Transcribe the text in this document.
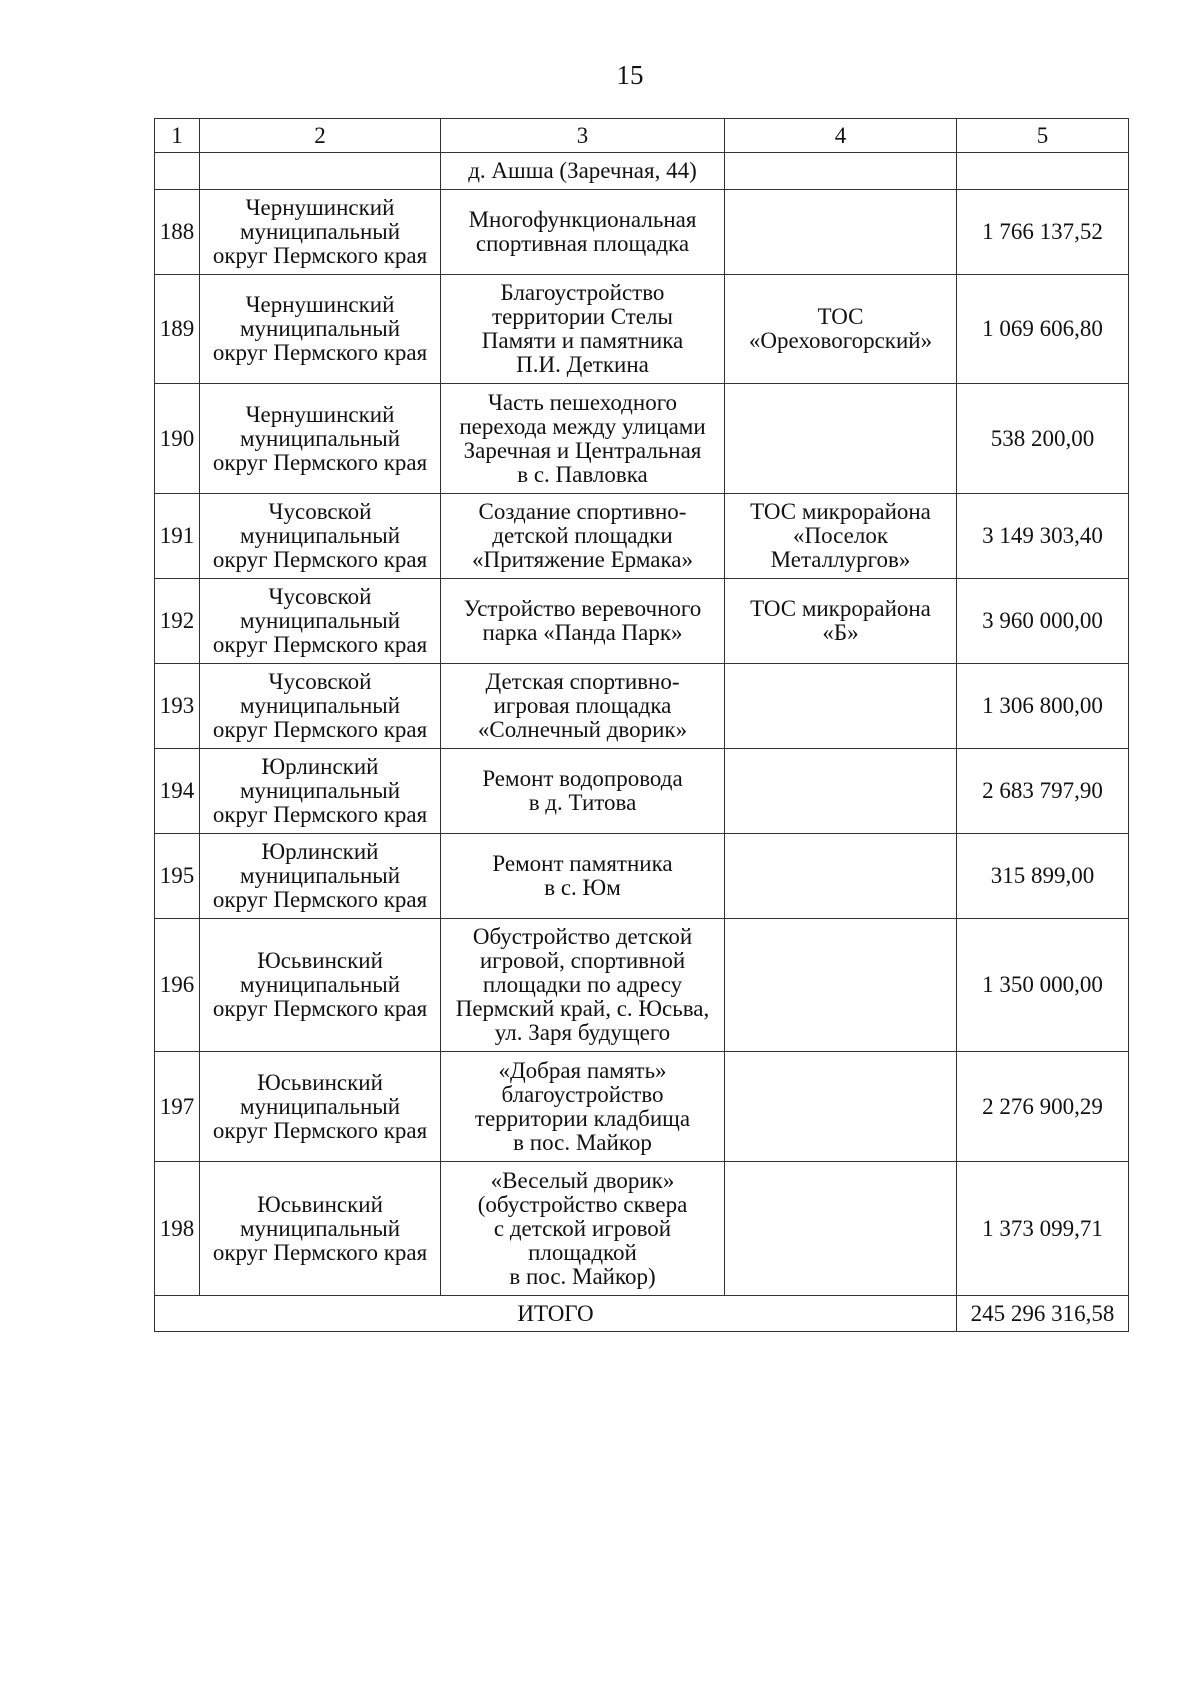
15
1	2	3	4	5
		д. Ашша (Заречная, 44)		
188	Чернушинский
муниципальный
округ Пермского края	Многофункциональная
спортивная площадка		1 766 137,52
189	Чернушинский
муниципальный
округ Пермского края	Благоустройство
территории Стелы
Памяти и памятника
П.И. Деткина	ТОС
«Ореховогорский»	1 069 606,80
190	Чернушинский
муниципальный
округ Пермского края	Часть пешеходного
перехода между улицами
Заречная и Центральная
в с. Павловка		538 200,00
191	Чусовской
муниципальный
округ Пермского края	Создание спортивно-
детской площадки
«Притяжение Ермака»	ТОС микрорайона
«Поселок
Металлургов»	3 149 303,40
192	Чусовской
муниципальный
округ Пермского края	Устройство веревочного
парка «Панда Парк»	ТОС микрорайона
«Б»	3 960 000,00
193	Чусовской
муниципальный
округ Пермского края	Детская спортивно-
игровая площадка
«Солнечный дворик»		1 306 800,00
194	Юрлинский
муниципальный
округ Пермского края	Ремонт водопровода
в д. Титова		2 683 797,90
195	Юрлинский
муниципальный
округ Пермского края	Ремонт памятника
в с. Юм		315 899,00
196	Юсьвинский
муниципальный
округ Пермского края	Обустройство детской
игровой, спортивной
площадки по адресу
Пермский край, с. Юсьва,
ул. Заря будущего		1 350 000,00
197	Юсьвинский
муниципальный
округ Пермского края	«Добрая память»
благоустройство
территории кладбища
в пос. Майкор		2 276 900,29
198	Юсьвинский
муниципальный
округ Пермского края	«Веселый дворик»
(обустройство сквера
с детской игровой
площадкой
в пос. Майкор)		1 373 099,71
ИТОГО				245 296 316,58
